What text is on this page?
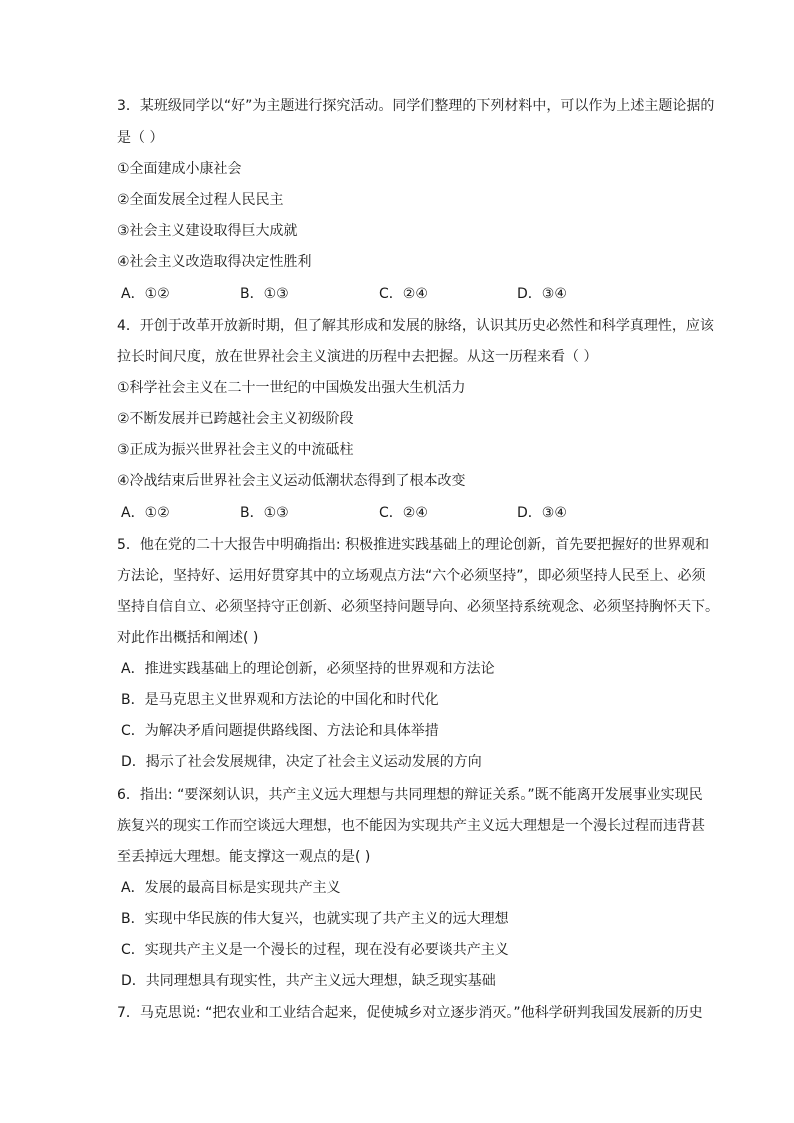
3．某班级同学以“好”为主题进行探究活动。同学们整理的下列材料中，可以作为上述主题论据的
是（ ）
①全面建成小康社会
②全面发展全过程人民民主
③社会主义建设取得巨大成就
④社会主义改造取得决定性胜利
A．①②	B．①③	C．②④	D．③④
4．开创于改革开放新时期，但了解其形成和发展的脉络，认识其历史必然性和科学真理性，应该
拉长时间尺度，放在世界社会主义演进的历程中去把握。从这一历程来看（ ）
①科学社会主义在二十一世纪的中国焕发出强大生机活力
②不断发展并已跨越社会主义初级阶段
③正成为振兴世界社会主义的中流砥柱
④冷战结束后世界社会主义运动低潮状态得到了根本改变
A．①②	B．①③	C．②④	D．③④
5．他在党的二十大报告中明确指出: 积极推进实践基础上的理论创新，首先要把握好的世界观和
方法论，坚持好、运用好贯穿其中的立场观点方法“六个必须坚持”，即必须坚持人民至上、必须
坚持自信自立、必须坚持守正创新、必须坚持问题导向、必须坚持系统观念、必须坚持胸怀天下。
对此作出概括和阐述( )
A．推进实践基础上的理论创新，必须坚持的世界观和方法论
B．是马克思主义世界观和方法论的中国化和时代化
C．为解决矛盾问题提供路线图、方法论和具体举措
D．揭示了社会发展规律，决定了社会主义运动发展的方向
6．指出: “要深刻认识，共产主义远大理想与共同理想的辩证关系。”既不能离开发展事业实现民
族复兴的现实工作而空谈远大理想，也不能因为实现共产主义远大理想是一个漫长过程而违背甚
至丢掉远大理想。能支撑这一观点的是( )
A．发展的最高目标是实现共产主义
B．实现中华民族的伟大复兴，也就实现了共产主义的远大理想
C．实现共产主义是一个漫长的过程，现在没有必要谈共产主义
D．共同理想具有现实性，共产主义远大理想，缺乏现实基础
7．马克思说: “把农业和工业结合起来，促使城乡对立逐步消灭。”他科学研判我国发展新的历史
